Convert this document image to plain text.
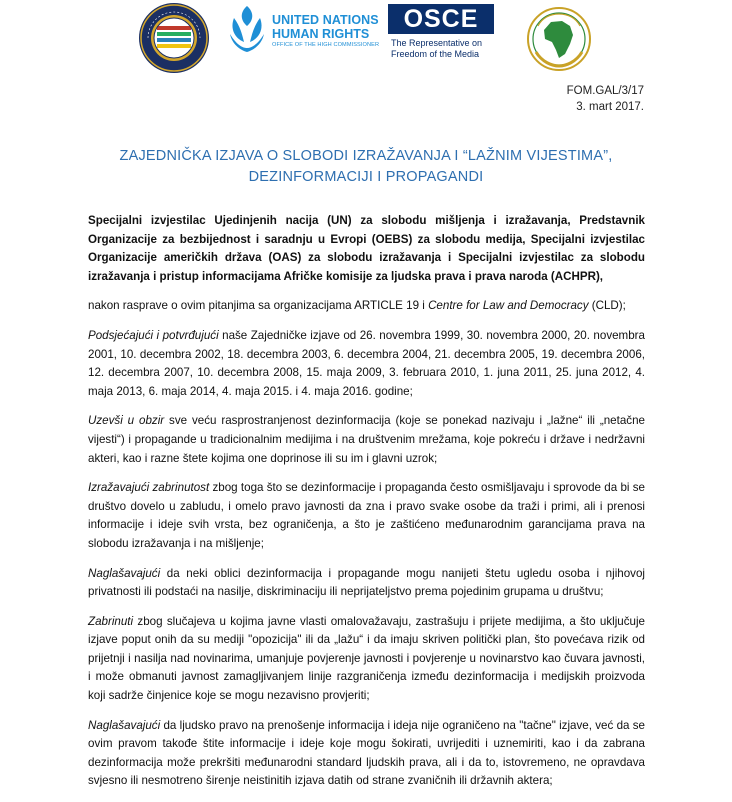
UNITED NATIONS
HUMAN RIGHTS
OFFICE OF THE HIGH COMMISSIONER
OSCE
The Representative on
Freedom of the Media
FOM.GAL/3/17
3. mart 2017.
ZAJEDNIČKA IZJAVA O SLOBODI IZRAŽAVANJA I “LAŽNIM VIJESTIMA”,
DEZINFORMACIJI I PROPAGANDI

Specijalni izvjestilac Ujedinjenih nacija (UN) za slobodu mišljenja i izražavanja, Predstavnik Organizacije za bezbijednost i saradnju u Evropi (OEBS) za slobodu medija, Specijalni izvjestilac Organizacije američkih država (OAS) za slobodu izražavanja i Specijalni izvjestilac za slobodu izražavanja i pristup informacijama Afričke komisije za ljudska prava i prava naroda (ACHPR),

nakon rasprave o ovim pitanjima sa organizacijama ARTICLE 19 i Centre for Law and Democracy (CLD);

Podsjećajući i potvrđujući naše Zajedničke izjave od 26. novembra 1999, 30. novembra 2000, 20. novembra 2001, 10. decembra 2002, 18. decembra 2003, 6. decembra 2004, 21. decembra 2005, 19. decembra 2006, 12. decembra 2007, 10. decembra 2008, 15. maja 2009, 3. februara 2010, 1. juna 2011, 25. juna 2012, 4. maja 2013, 6. maja 2014, 4. maja 2015. i 4. maja 2016. godine;

Uzevši u obzir sve veću rasprostranjenost dezinformacija (koje se ponekad nazivaju i „lažne“ ili „netačne vijesti“) i propagande u tradicionalnim medijima i na društvenim mrežama, koje pokreću i države i nedržavni akteri, kao i razne štete kojima one doprinose ili su im i glavni uzrok;

Izražavajući zabrinutost zbog toga što se dezinformacije i propaganda često osmišljavaju i sprovode da bi se društvo dovelo u zabludu, i omelo pravo javnosti da zna i pravo svake osobe da traži i primi, ali i prenosi informacije i ideje svih vrsta, bez ograničenja, a što je zaštićeno međunarodnim garancijama prava na slobodu izražavanja i na mišljenje;

Naglašavajući da neki oblici dezinformacija i propagande mogu nanijeti štetu ugledu osoba i njihovoj privatnosti ili podstaći na nasilje, diskriminaciju ili neprijateljstvo prema pojedinim grupama u društvu;

Zabrinuti zbog slučajeva u kojima javne vlasti omalovažavaju, zastrašuju i prijete medijima, a što uključuje izjave poput onih da su mediji "opozicija" ili da „lažu“ i da imaju skriven politički plan, što povećava rizik od prijetnji i nasilja nad novinarima, umanjuje povjerenje javnosti i povjerenje u novinarstvo kao čuvara javnosti, i može obmanuti javnost zamagljivanjem linije razgraničenja između dezinformacija i medijskih proizvoda koji sadrže činjenice koje se mogu nezavisno provjeriti;

Naglašavajući da ljudsko pravo na prenošenje informacija i ideja nije ograničeno na "tačne" izjave, već da se ovim pravom takođe štite informacije i ideje koje mogu šokirati, uvrijediti i uznemiriti, kao i da zabrana dezinformacija može prekršiti međunarodni standard ljudskih prava, ali i da to, istovremeno, ne opravdava svjesno ili nesmotreno širenje neistinitih izjava datih od strane zvaničnih ili državnih aktera;
